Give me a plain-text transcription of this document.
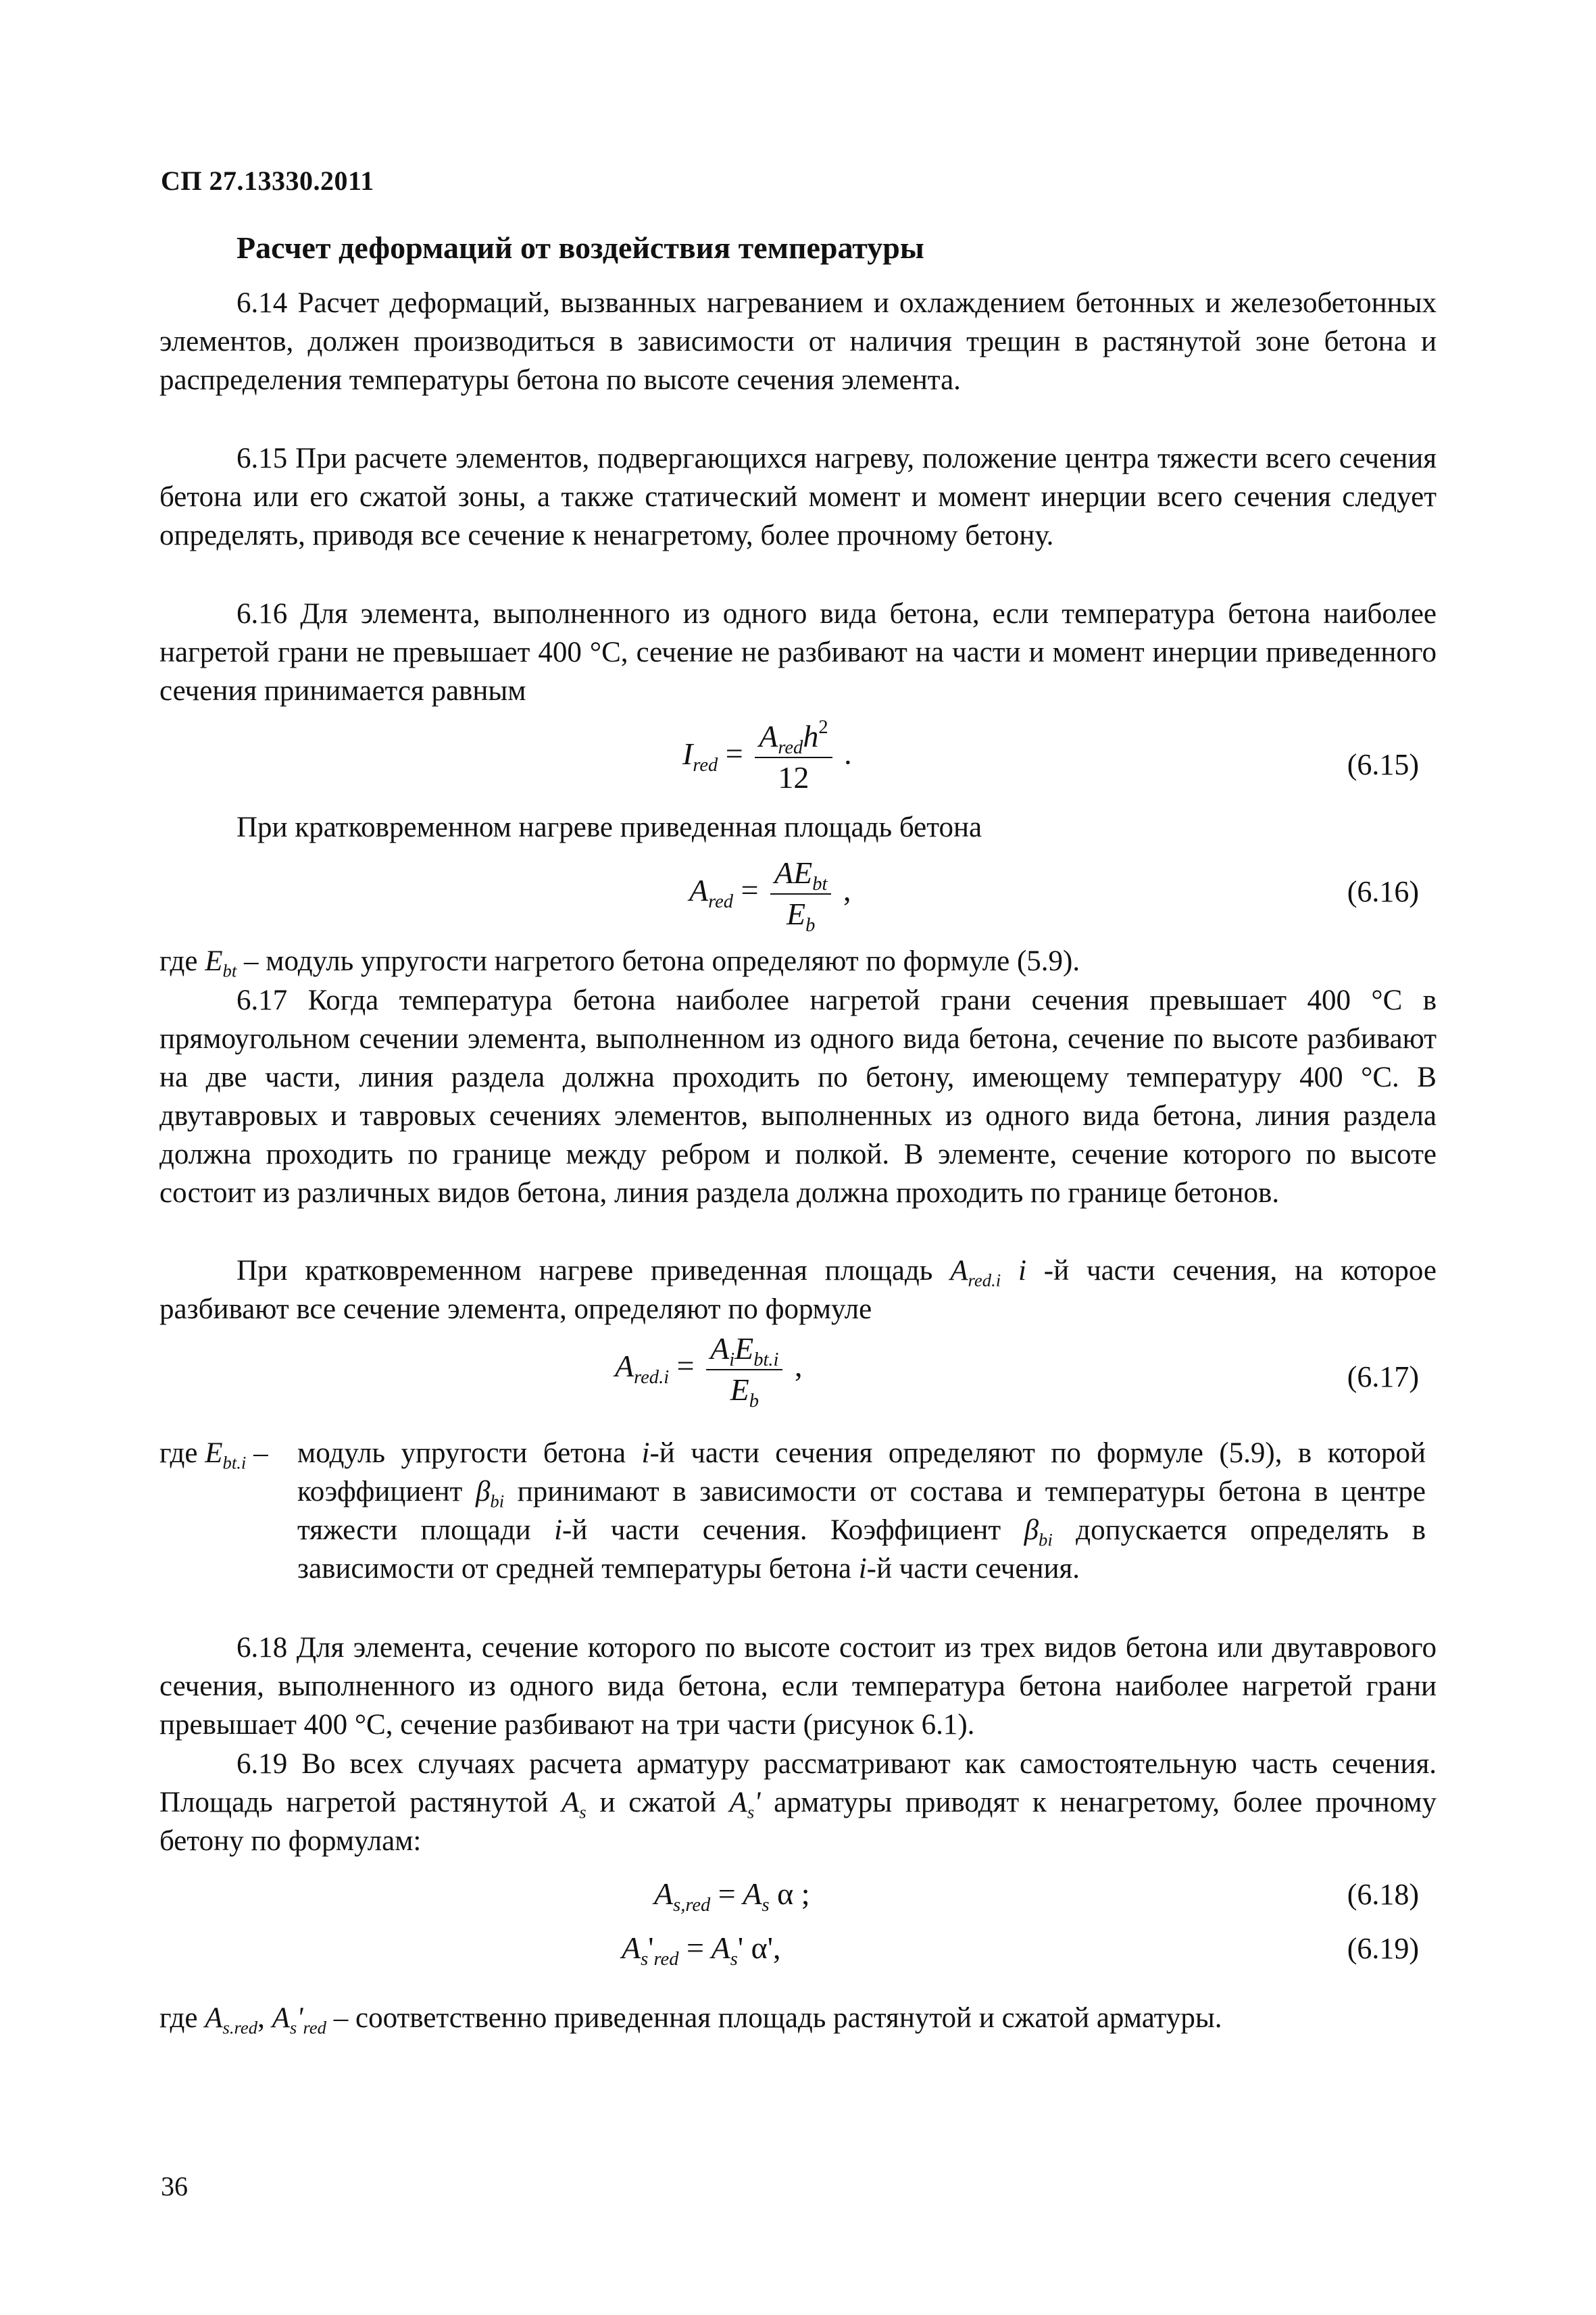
СП 27.13330.2011
Расчет деформаций от воздействия температуры

6.14 Расчет деформаций, вызванных нагреванием и охлаждением бетонных и железобетонных элементов, должен производиться в зависимости от наличия трещин в растянутой зоне бетона и распределения температуры бетона по высоте сечения элемента.

6.15 При расчете элементов, подвергающихся нагреву, положение центра тяжести всего сечения бетона или его сжатой зоны, а также статический момент и момент инерции всего сечения следует определять, приводя все сечение к ненагретому, более прочному бетону.

6.16 Для элемента, выполненного из одного вида бетона, если температура бетона наиболее нагретой грани не превышает 400 °С, сечение не разбивают на части и момент инерции приведенного сечения принимается равным

$I_{red} = \frac{A_{red}h^2}{12}$ .	(6.15)

При кратковременном нагреве приведенная площадь бетона

$A_{red} = \frac{AE_{bt}}{E_b}$ ,	(6.16)

где $E_{bt}$ – модуль упругости нагретого бетона определяют по формуле (5.9).

6.17 Когда температура бетона наиболее нагретой грани сечения превышает 400 °С в прямоугольном сечении элемента, выполненном из одного вида бетона, сечение по высоте разбивают на две части, линия раздела должна проходить по бетону, имеющему температуру 400 °С. В двутавровых и тавровых сечениях элементов, выполненных из одного вида бетона, линия раздела должна проходить по границе между ребром и полкой. В элементе, сечение которого по высоте состоит из различных видов бетона, линия раздела должна проходить по границе бетонов.

При кратковременном нагреве приведенная площадь $A_{red.i}$ i -й части сечения, на которое разбивают все сечение элемента, определяют по формуле

$A_{red.i} = \frac{A_iE_{bt.i}}{E_b}$ ,	(6.17)
где $E_{bt.i}$ –модуль упругости бетона i-й части сечения определяют по формуле (5.9), в которой коэффициент $\beta_{bi}$ принимают в зависимости от состава и температуры бетона в центре тяжести площади i-й части сечения. Коэффициент $\beta_{bi}$ допускается определять в зависимости от средней температуры бетона i-й части сечения.

6.18 Для элемента, сечение которого по высоте состоит из трех видов бетона или двутаврового сечения, выполненного из одного вида бетона, если температура бетона наиболее нагретой грани превышает 400 °С, сечение разбивают на три части (рисунок 6.1).

6.19 Во всех случаях расчета арматуру рассматривают как самостоятельную часть сечения. Площадь нагретой растянутой $A_s$ и сжатой $A_s'$ арматуры приводят к ненагретому, более прочному бетону по формулам:

$A_{s,red} = A_s$ α ;	(6.18)
$A_s'_{red} = A_s'$ α',	(6.19)

где $A_{s.red}$, $A_s'_{red}$ – соответственно приведенная площадь растянутой и сжатой арматуры.

36
